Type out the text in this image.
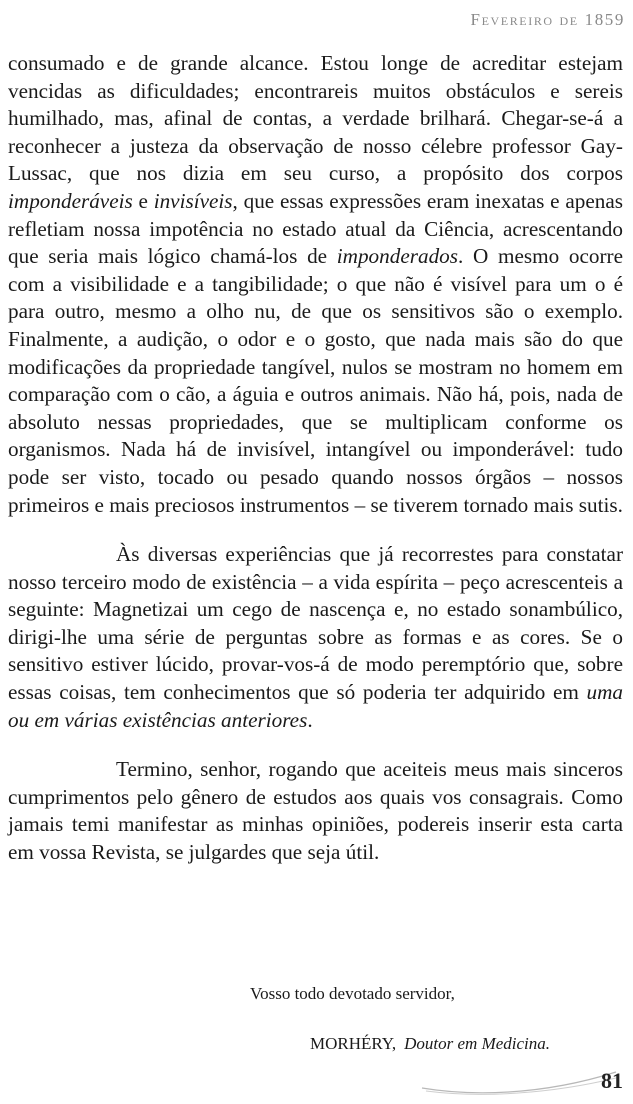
Fevereiro de 1859

consumado e de grande alcance. Estou longe de acreditar estejam vencidas as dificuldades; encontrareis muitos obstáculos e sereis humilhado, mas, afinal de contas, a verdade brilhará. Chegar-se-á a reconhecer a justeza da observação de nosso célebre professor Gay-Lussac, que nos dizia em seu curso, a propósito dos corpos imponderáveis e invisíveis, que essas expressões eram inexatas e apenas refletiam nossa impotência no estado atual da Ciência, acrescentando que seria mais lógico chamá-los de imponderados. O mesmo ocorre com a visibilidade e a tangibilidade; o que não é visível para um o é para outro, mesmo a olho nu, de que os sensitivos são o exemplo. Finalmente, a audição, o odor e o gosto, que nada mais são do que modificações da propriedade tangível, nulos se mostram no homem em comparação com o cão, a águia e outros animais. Não há, pois, nada de absoluto nessas propriedades, que se multiplicam conforme os organismos. Nada há de invisível, intangível ou imponderável: tudo pode ser visto, tocado ou pesado quando nossos órgãos – nossos primeiros e mais preciosos instrumentos – se tiverem tornado mais sutis.

Às diversas experiências que já recorrestes para constatar nosso terceiro modo de existência – a vida espírita – peço acrescenteis a seguinte: Magnetizai um cego de nascença e, no estado sonambúlico, dirigi-lhe uma série de perguntas sobre as formas e as cores. Se o sensitivo estiver lúcido, provar-vos-á de modo peremptório que, sobre essas coisas, tem conhecimentos que só poderia ter adquirido em uma ou em várias existências anteriores.

Termino, senhor, rogando que aceiteis meus mais sinceros cumprimentos pelo gênero de estudos aos quais vos consagrais. Como jamais temi manifestar as minhas opiniões, podereis inserir esta carta em vossa Revista, se julgardes que seja útil.

Vosso todo devotado servidor,
MORHÉRY, Doutor em Medicina.
81
